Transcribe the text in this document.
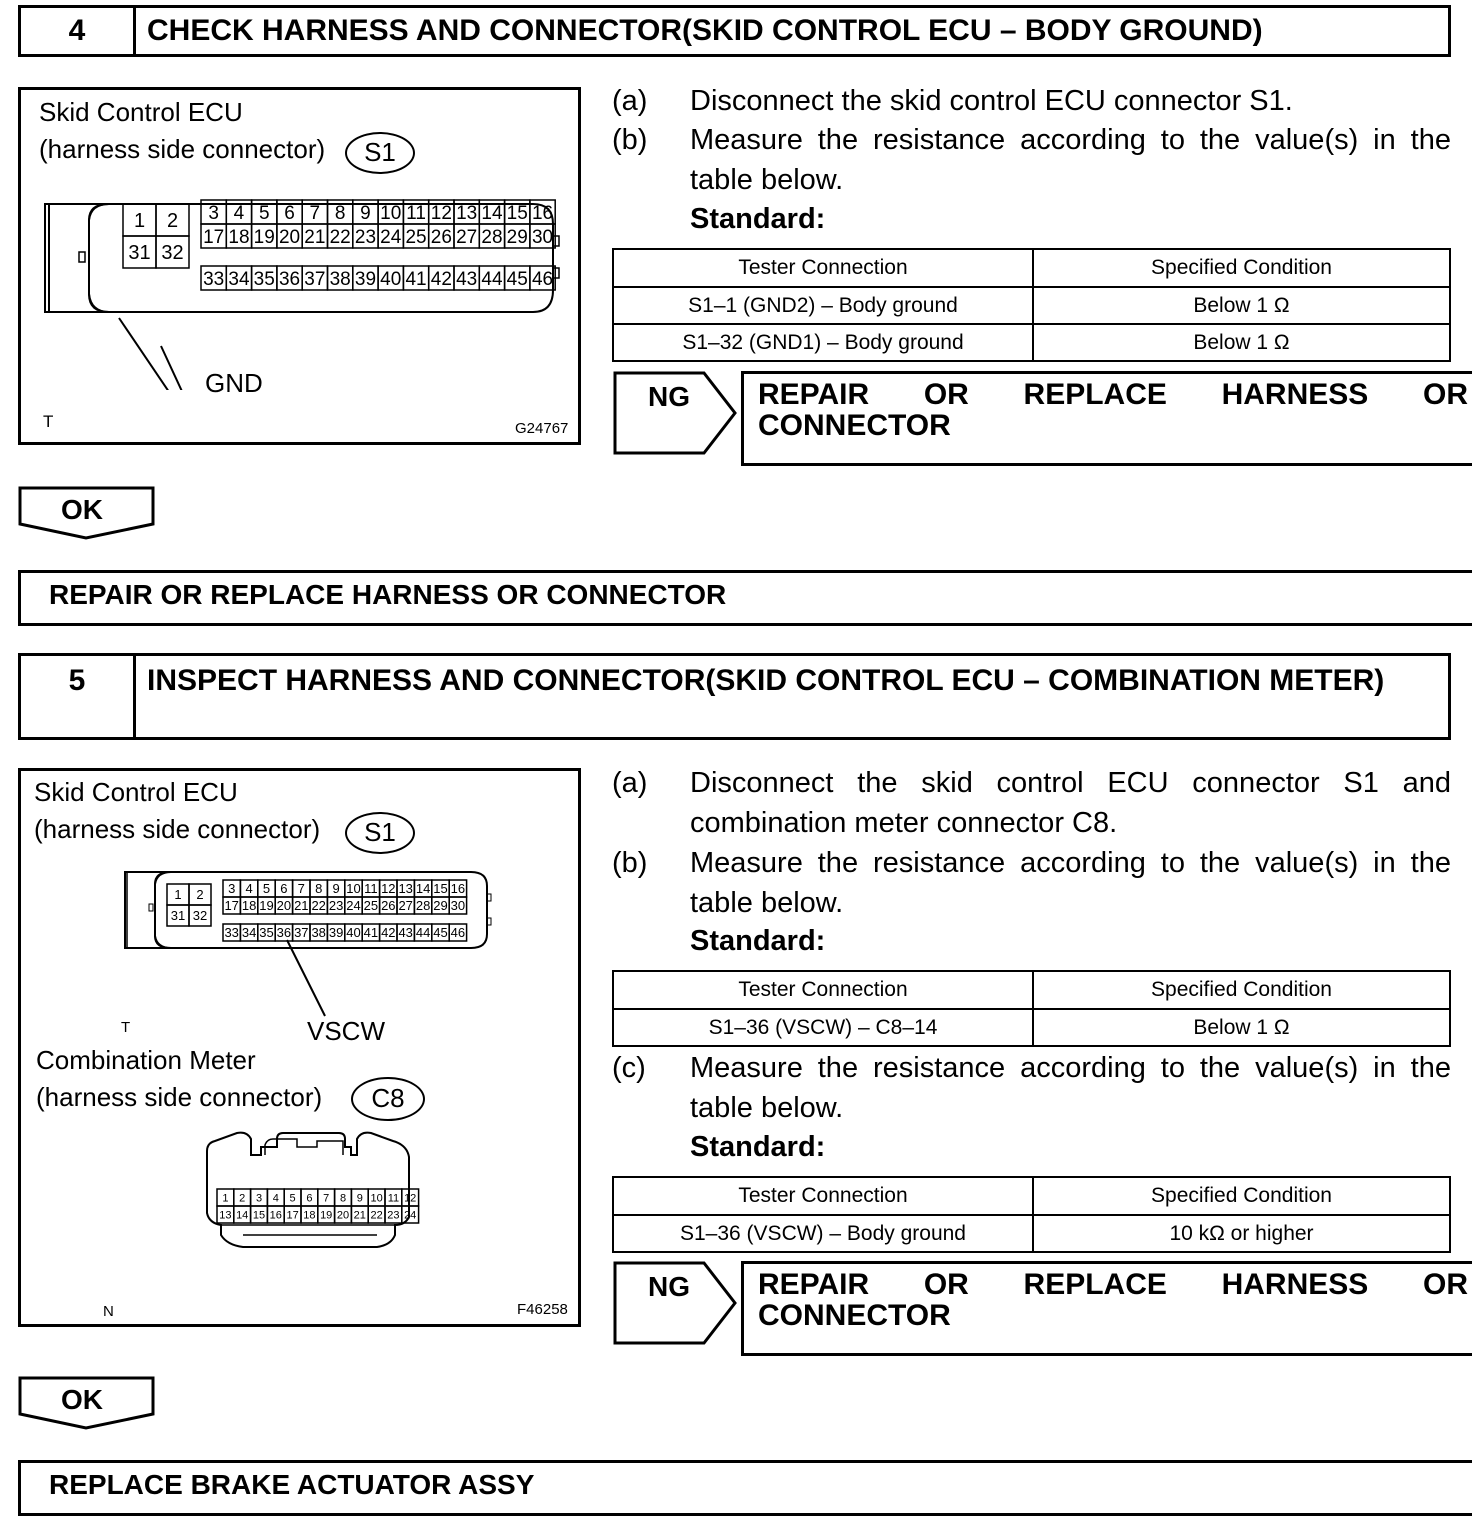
4	CHECK HARNESS AND CONNECTOR(SKID CONTROL ECU – BODY GROUND)
Skid Control ECU
(harness side connector)	S1
1 2
31 32
3 4 5 6 7 8 9 10 11 12 13 14 15 16
17 18 19 20 21 22 23 24 25 26 27 28 29 30
33 34 35 36 37 38 39 40 41 42 43 44 45 46
GND
T	G24767
(a) Disconnect the skid control ECU connector S1.
(b) Measure the resistance according to the value(s) in the table below.
Standard:
Tester Connection	Specified Condition
S1–1 (GND2) – Body ground	Below 1 Ω
S1–32 (GND1) – Body ground	Below 1 Ω
NG REPAIR OR REPLACE HARNESS OR
CONNECTOR
OK
REPAIR OR REPLACE HARNESS OR CONNECTOR
5	INSPECT HARNESS AND CONNECTOR(SKID CONTROL ECU – COMBINATION METER)
Skid Control ECU
(harness side connector)	S1
1 2
31 32
3 4 5 6 7 8 9 10 11 12 13 14 15 16
17 18 19 20 21 22 23 24 25 26 27 28 29 30
33 34 35 36 37 38 39 40 41 42 43 44 45 46
VSCW
T
Combination Meter
(harness side connector)	C8
1 2 3 4 5 6 7 8 9 10 11 12
13 14 15 16 17 18 19 20 21 22 23 24
N	F46258
(a) Disconnect the skid control ECU connector S1 and combination meter connector C8.
(b) Measure the resistance according to the value(s) in the table below.
Standard:
Tester Connection	Specified Condition
S1–36 (VSCW) – C8–14	Below 1 Ω
(c) Measure the resistance according to the value(s) in the table below.
Standard:
Tester Connection	Specified Condition
S1–36 (VSCW) – Body ground	10 kΩ or higher
NG REPAIR OR REPLACE HARNESS OR
CONNECTOR
OK
REPLACE BRAKE ACTUATOR ASSY
